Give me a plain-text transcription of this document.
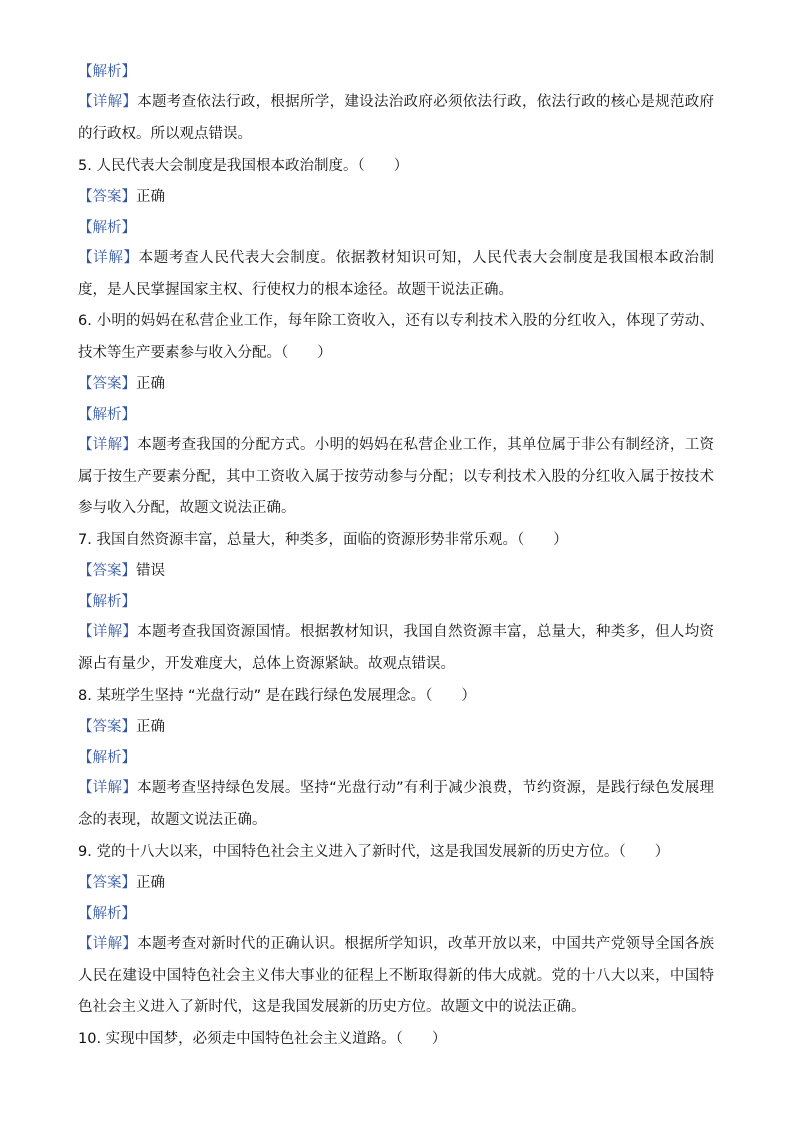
【解析】
【详解】本题考查依法行政，根据所学，建设法治政府必须依法行政，依法行政的核心是规范政府的行政权。所以观点错误。
5. 人民代表大会制度是我国根本政治制度。（　　）
【答案】正确
【解析】
【详解】本题考查人民代表大会制度。依据教材知识可知，人民代表大会制度是我国根本政治制度，是人民掌握国家主权、行使权力的根本途径。故题干说法正确。
6. 小明的妈妈在私营企业工作，每年除工资收入，还有以专利技术入股的分红收入，体现了劳动、技术等生产要素参与收入分配。（　　）
【答案】正确
【解析】
【详解】本题考查我国的分配方式。小明的妈妈在私营企业工作，其单位属于非公有制经济，工资属于按生产要素分配，其中工资收入属于按劳动参与分配；以专利技术入股的分红收入属于按技术参与收入分配，故题文说法正确。
7. 我国自然资源丰富，总量大，种类多，面临的资源形势非常乐观。（　　）
【答案】错误
【解析】
【详解】本题考查我国资源国情。根据教材知识，我国自然资源丰富，总量大，种类多，但人均资源占有量少，开发难度大，总体上资源紧缺。故观点错误。
8. 某班学生坚持 “光盘行动” 是在践行绿色发展理念。（　　）
【答案】正确
【解析】
【详解】本题考查坚持绿色发展。坚持“光盘行动”有利于减少浪费，节约资源，是践行绿色发展理念的表现，故题文说法正确。
9. 党的十八大以来，中国特色社会主义进入了新时代，这是我国发展新的历史方位。（　　）
【答案】正确
【解析】
【详解】本题考查对新时代的正确认识。根据所学知识，改革开放以来，中国共产党领导全国各族人民在建设中国特色社会主义伟大事业的征程上不断取得新的伟大成就。党的十八大以来，中国特色社会主义进入了新时代，这是我国发展新的历史方位。故题文中的说法正确。
10. 实现中国梦，必须走中国特色社会主义道路。（　　）
